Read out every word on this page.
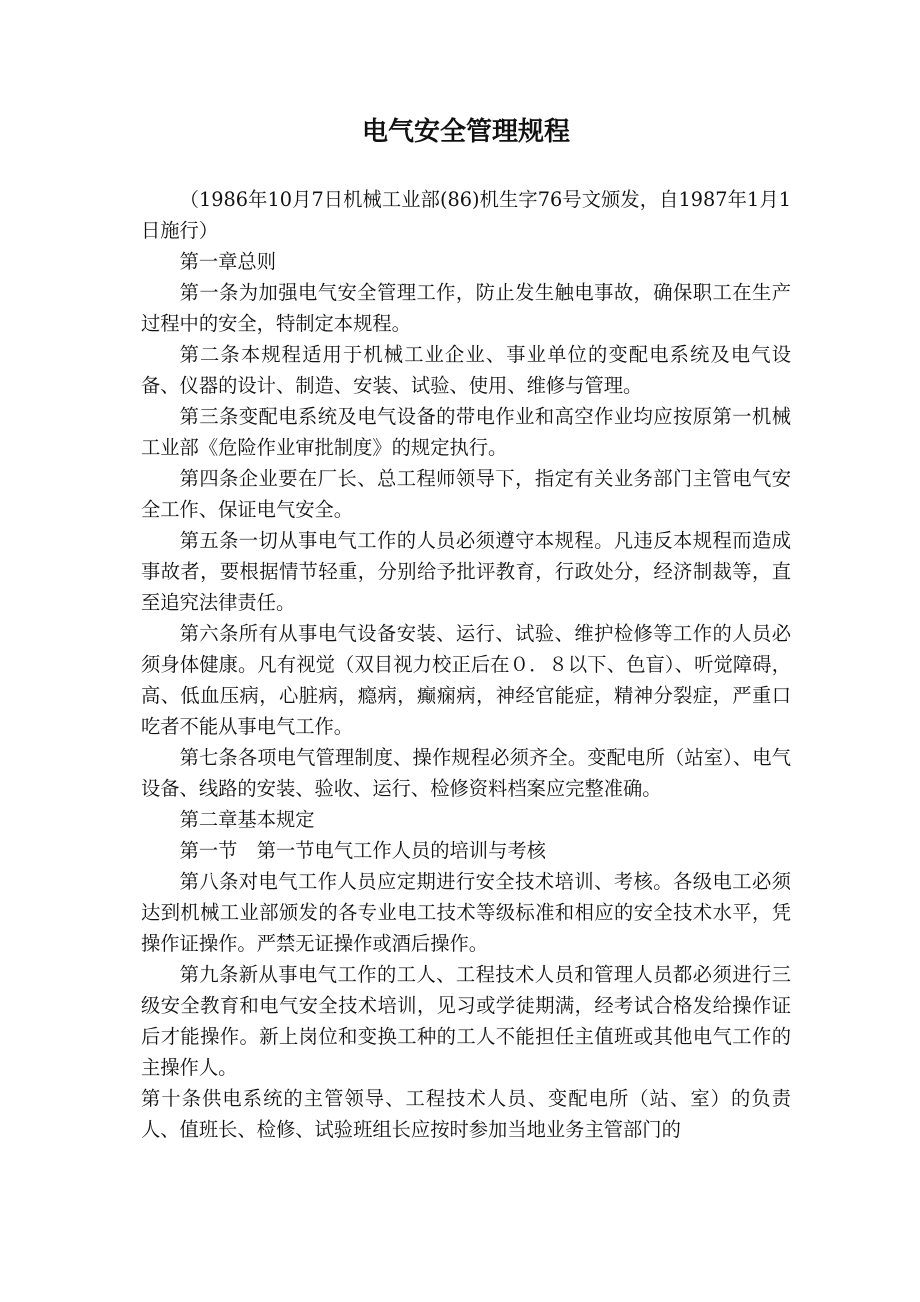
电气安全管理规程

（1986年10月7日机械工业部(86)机生字76号文颁发，自1987年1月1日施行）

第一章总则

第一条为加强电气安全管理工作，防止发生触电事故，确保职工在生产过程中的安全，特制定本规程。

第二条本规程适用于机械工业企业、事业单位的变配电系统及电气设备、仪器的设计、制造、安装、试验、使用、维修与管理。

第三条变配电系统及电气设备的带电作业和高空作业均应按原第一机械工业部《危险作业审批制度》的规定执行。

第四条企业要在厂长、总工程师领导下，指定有关业务部门主管电气安全工作、保证电气安全。

第五条一切从事电气工作的人员必须遵守本规程。凡违反本规程而造成事故者，要根据情节轻重，分别给予批评教育，行政处分，经济制裁等，直至追究法律责任。

第六条所有从事电气设备安装、运行、试验、维护检修等工作的人员必须身体健康。凡有视觉（双目视力校正后在０．８以下、色盲）、听觉障碍，高、低血压病，心脏病，瘾病，癫痫病，神经官能症，精神分裂症，严重口吃者不能从事电气工作。

第七条各项电气管理制度、操作规程必须齐全。变配电所（站室）、电气设备、线路的安装、验收、运行、检修资料档案应完整准确。

第二章基本规定

第一节　第一节电气工作人员的培训与考核

第八条对电气工作人员应定期进行安全技术培训、考核。各级电工必须达到机械工业部颁发的各专业电工技术等级标准和相应的安全技术水平，凭操作证操作。严禁无证操作或酒后操作。

第九条新从事电气工作的工人、工程技术人员和管理人员都必须进行三级安全教育和电气安全技术培训，见习或学徒期满，经考试合格发给操作证后才能操作。新上岗位和变换工种的工人不能担任主值班或其他电气工作的主操作人。

第十条供电系统的主管领导、工程技术人员、变配电所（站、室）的负责人、值班长、检修、试验班组长应按时参加当地业务主管部门的
